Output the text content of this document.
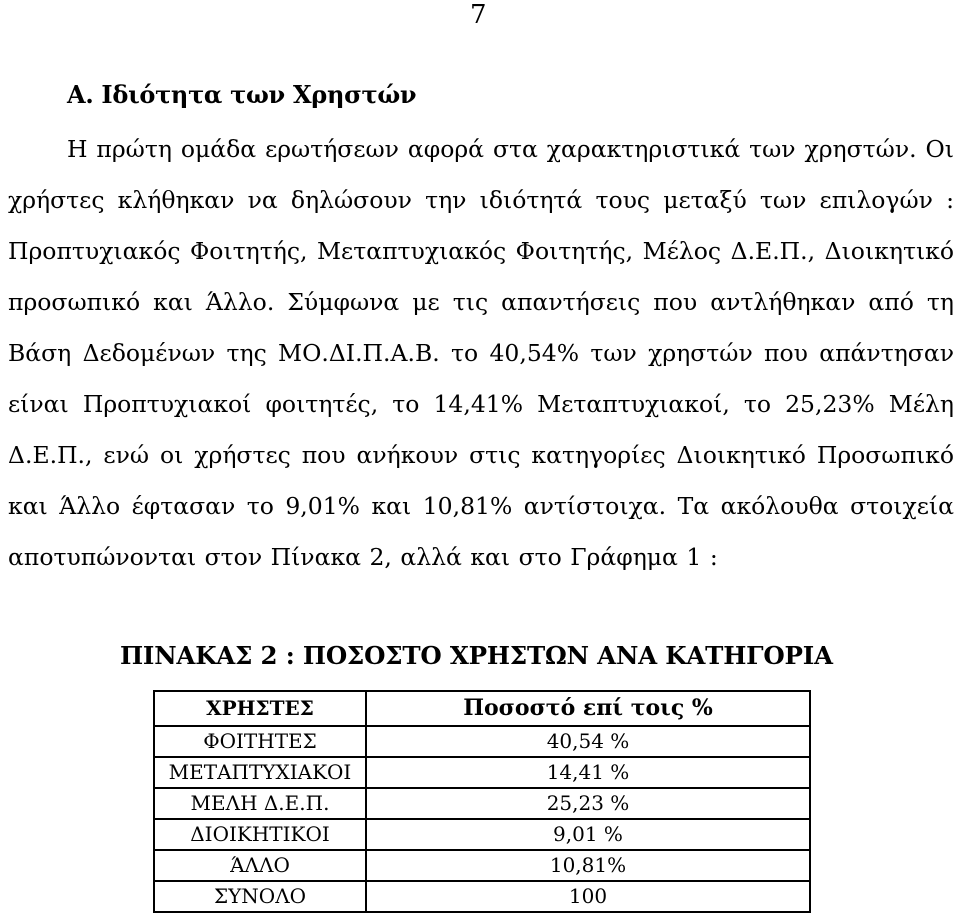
7
Α. Ιδιότητα των Χρηστών
Η πρώτη ομάδα ερωτήσεων αφορά στα χαρακτηριστικά των χρηστών. Οι
χρήστες κλήθηκαν να δηλώσουν την ιδιότητά τους μεταξύ των επιλογών :
Προπτυχιακός Φοιτητής, Μεταπτυχιακός Φοιτητής, Μέλος Δ.Ε.Π., Διοικητικό
προσωπικό και Άλλο. Σύμφωνα με τις απαντήσεις που αντλήθηκαν από τη
Βάση Δεδομένων της ΜΟ.ΔΙ.Π.Α.Β. το 40,54% των χρηστών που απάντησαν
είναι Προπτυχιακοί φοιτητές, το 14,41% Μεταπτυχιακοί, το 25,23% Μέλη
Δ.Ε.Π., ενώ οι χρήστες που ανήκουν στις κατηγορίες Διοικητικό Προσωπικό
και Άλλο έφτασαν το 9,01% και 10,81% αντίστοιχα. Τα ακόλουθα στοιχεία
αποτυπώνονται στον Πίνακα 2, αλλά και στο Γράφημα 1 :
ΠΙΝΑΚΑΣ 2 : ΠΟΣΟΣΤΟ ΧΡΗΣΤΩΝ ΑΝΑ ΚΑΤΗΓΟΡΙΑ
ΧΡΗΣΤΕΣ	Ποσοστό επί τοις %
ΦΟΙΤΗΤΕΣ	40,54 %
ΜΕΤΑΠΤΥΧΙΑΚΟΙ	14,41 %
ΜΕΛΗ Δ.Ε.Π.	25,23 %
ΔΙΟΙΚΗΤΙΚΟΙ	9,01 %
ΆΛΛΟ	10,81%
ΣΥΝΟΛΟ	100
